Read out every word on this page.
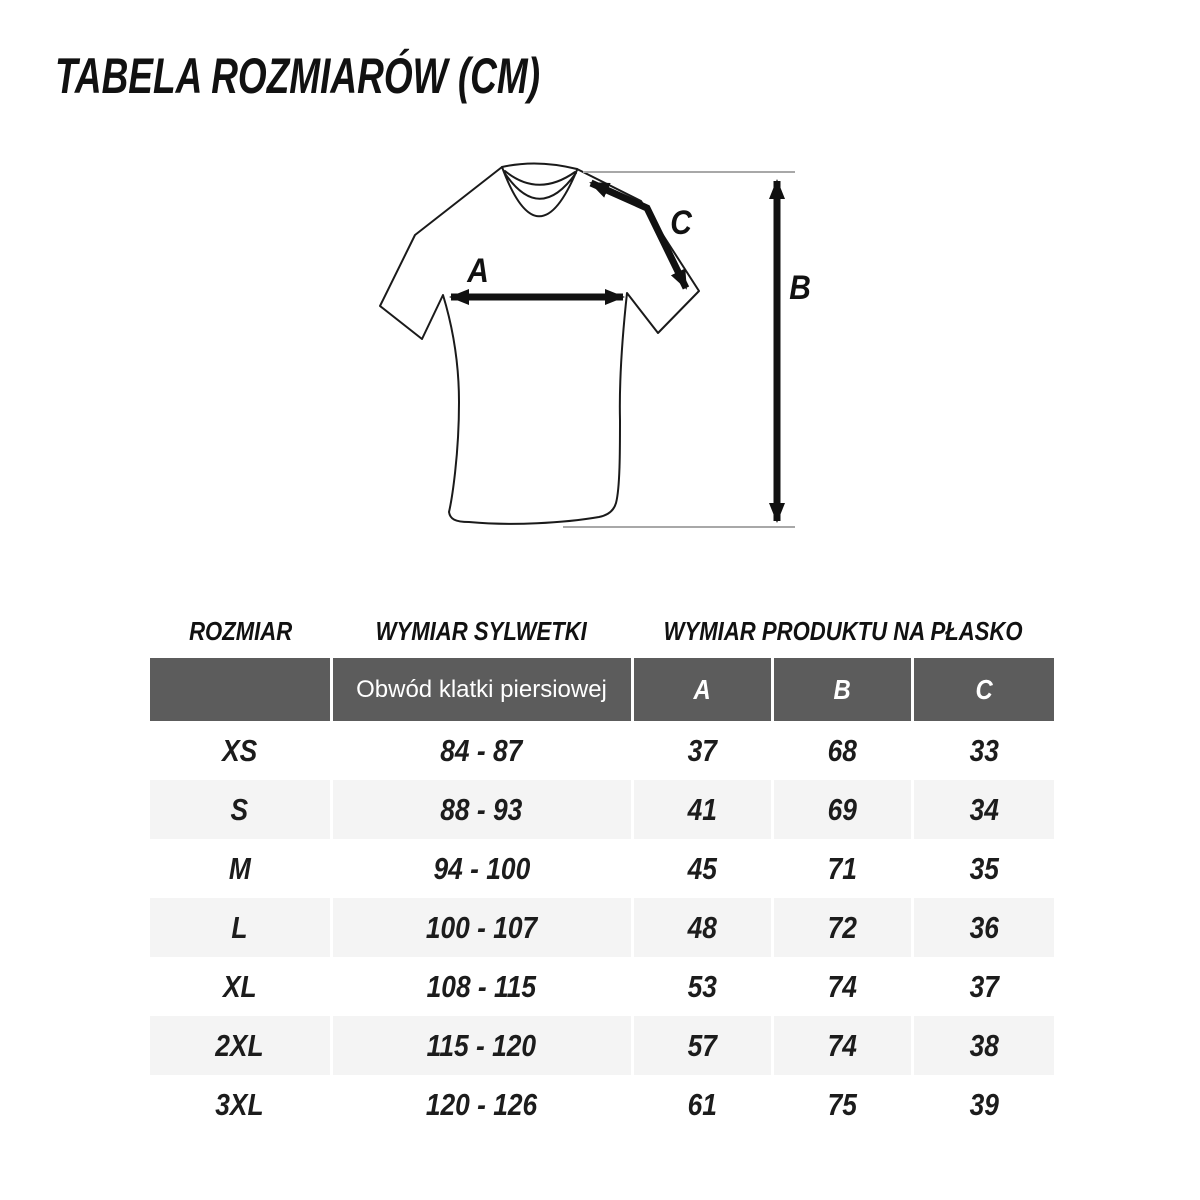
TABELA ROZMIARÓW (CM)
A	B
C
ROZMIAR	WYMIAR SYLWETKI	WYMIAR PRODUKTU NA PŁASKO
	Obwód klatki piersiowej	A	B	C
XS	84 - 87	37	68	33
S	88 - 93	41	69	34
M	94 - 100	45	71	35
L	100 - 107	48	72	36
XL	108 - 115	53	74	37
2XL	115 - 120	57	74	38
3XL	120 - 126	61	75	39
